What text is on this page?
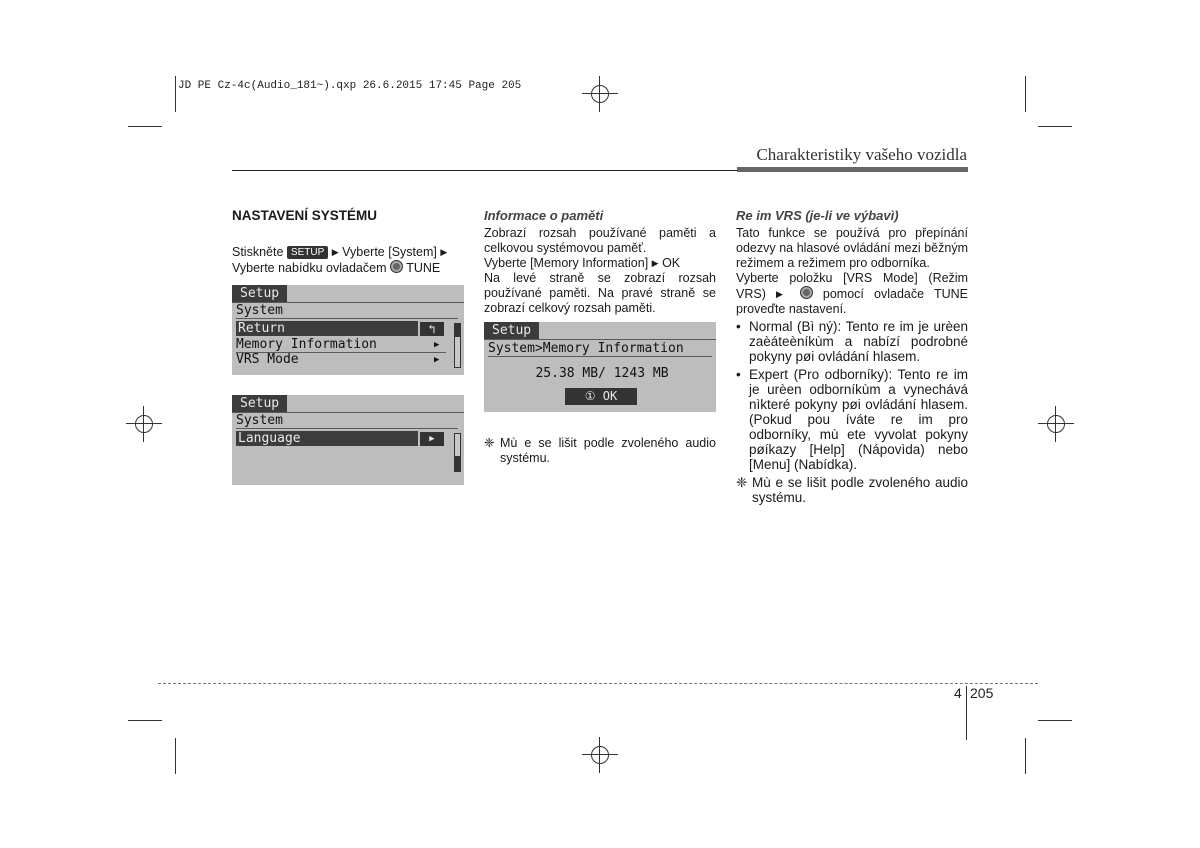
JD PE Cz-4c(Audio_181~).qxp 26.6.2015 17:45 Page 205
Charakteristiky vašeho vozidla
NASTAVENÍ SYSTÉMU
Stiskněte SETUP ▶ Vyberte [System] ▶
Vyberte nabídku ovladačem TUNE
Setup
System
Return	↰
Memory Information	▶
VRS Mode	▶
Setup
System
Language	▶
Informace o paměti
Zobrazí rozsah používané paměti a celkovou systémovou paměť.
Vyberte [Memory Information] ▶ OK
Na levé straně se zobrazí rozsah používané paměti. Na pravé straně se zobrazí celkový rozsah paměti.
Setup
System>Memory Information
25.38 MB/ 1243 MB
① OK
❈ Mù e se lišit podle zvoleného audio systému.
Re im VRS (je-li ve výbavì)
Tato funkce se používá pro přepínání odezvy na hlasové ovládání mezi běžným režimem a režimem pro odborníka.
Vyberte položku [VRS Mode] (Režim VRS) ▶	pomocí ovladače TUNE proveďte nastavení.
• Normal (Bì ný): Tento re im je urèen zaèáteèníkùm a nabízí podrobné pokyny pøi ovládání hlasem.
• Expert (Pro odborníky): Tento re im je urèen odborníkùm a vynechává nìkteré pokyny pøi ovládání hlasem. (Pokud pou íváte re im pro odborníky, mù ete vyvolat pokyny pøíkazy [Help] (Nápovìda) nebo [Menu] (Nabídka).
❈ Mù e se lišit podle zvoleného audio systému.
4 205
